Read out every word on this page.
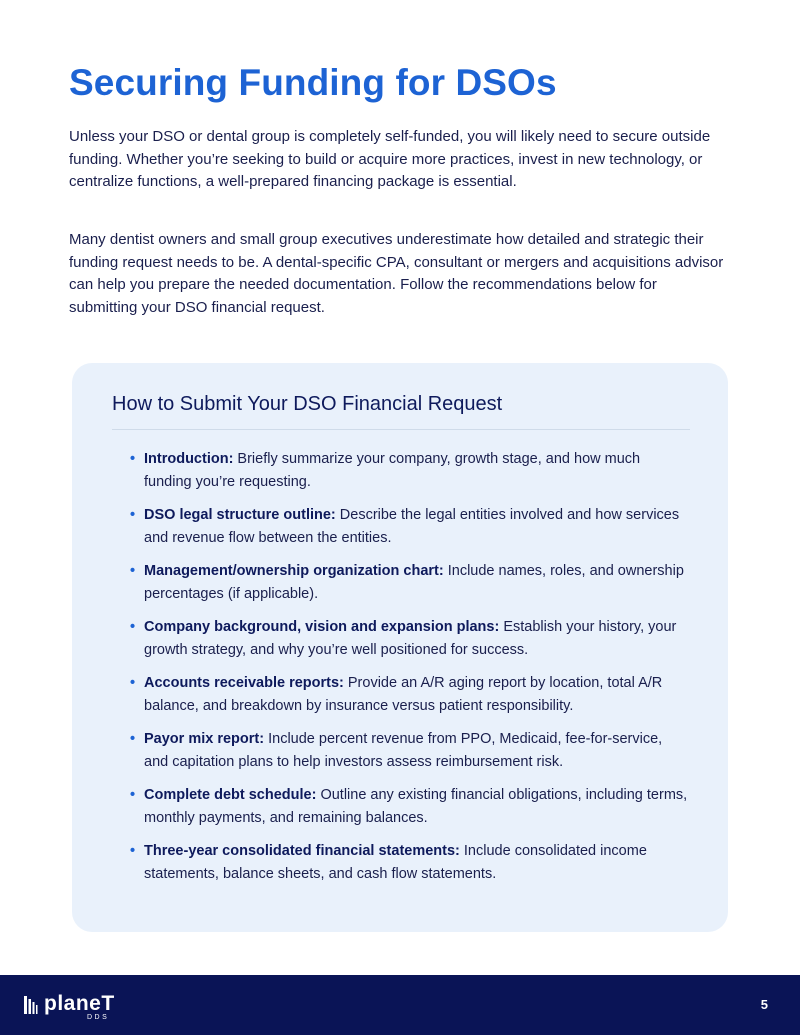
Securing Funding for DSOs

Unless your DSO or dental group is completely self-funded, you will likely need to secure outside funding. Whether you’re seeking to build or acquire more practices, invest in new technology, or centralize functions, a well-prepared financing package is essential.

Many dentist owners and small group executives underestimate how detailed and strategic their funding request needs to be. A dental-specific CPA, consultant or mergers and acquisitions advisor can help you prepare the needed documentation. Follow the recommendations below for submitting your DSO financial request.

How to Submit Your DSO Financial Request
• Introduction: Briefly summarize your company, growth stage, and how much funding you’re requesting.
• DSO legal structure outline: Describe the legal entities involved and how services and revenue flow between the entities.
• Management/ownership organization chart: Include names, roles, and ownership percentages (if applicable).
• Company background, vision and expansion plans: Establish your history, your growth strategy, and why you’re well positioned for success.
• Accounts receivable reports: Provide an A/R aging report by location, total A/R balance, and breakdown by insurance versus patient responsibility.
• Payor mix report: Include percent revenue from PPO, Medicaid, fee-for-service, and capitation plans to help investors assess reimbursement risk.
• Complete debt schedule: Outline any existing financial obligations, including terms, monthly payments, and remaining balances.
• Three-year consolidated financial statements: Include consolidated income statements, balance sheets, and cash flow statements.
planeT
DDS
5
